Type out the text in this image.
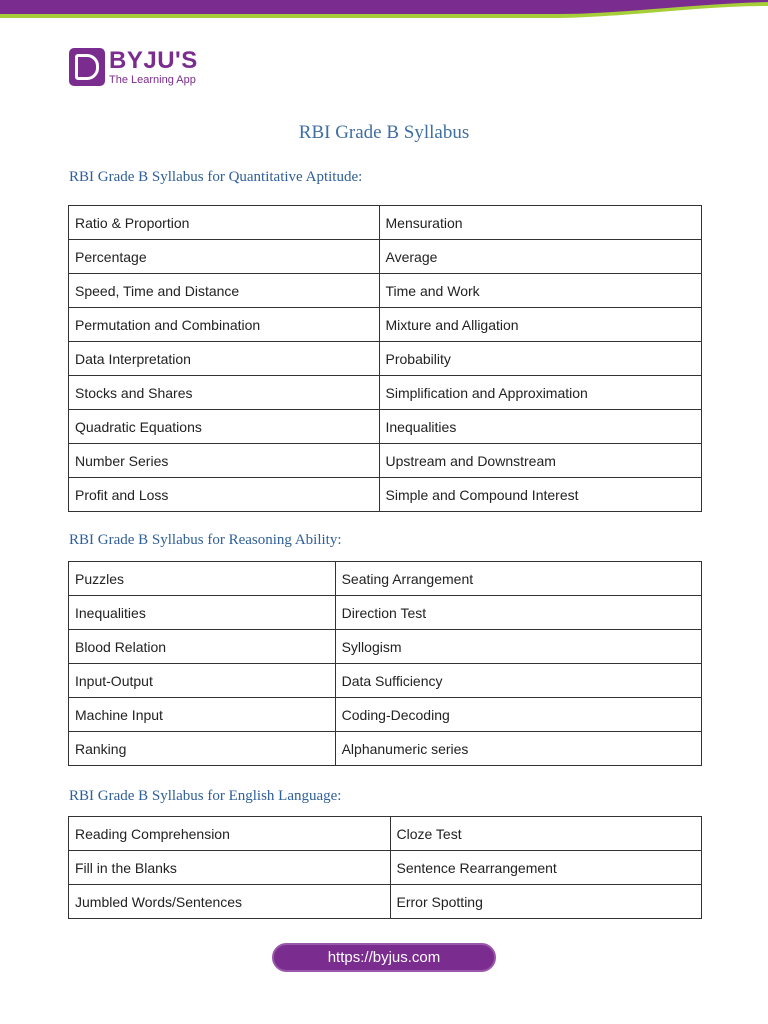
BYJU'S
The Learning App
RBI Grade B Syllabus
RBI Grade B Syllabus for Quantitative Aptitude:
Ratio & Proportion	Mensuration
Percentage	Average
Speed, Time and Distance	Time and Work
Permutation and Combination	Mixture and Alligation
Data Interpretation	Probability
Stocks and Shares	Simplification and Approximation
Quadratic Equations	Inequalities
Number Series	Upstream and Downstream
Profit and Loss	Simple and Compound Interest
RBI Grade B Syllabus for Reasoning Ability:
Puzzles	Seating Arrangement
Inequalities	Direction Test
Blood Relation	Syllogism
Input-Output	Data Sufficiency
Machine Input	Coding-Decoding
Ranking	Alphanumeric series
RBI Grade B Syllabus for English Language:
Reading Comprehension	Cloze Test
Fill in the Blanks	Sentence Rearrangement
Jumbled Words/Sentences	Error Spotting
https://byjus.com
